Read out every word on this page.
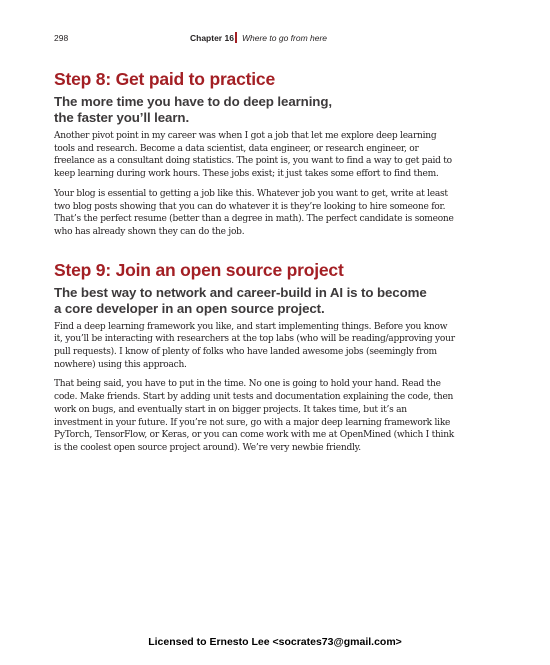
298	Chapter 16 Where to go from here
Step 8: Get paid to practice
The more time you have to do deep learning,
the faster you’ll learn.

Another pivot point in my career was when I got a job that let me explore deep learning tools and research. Become a data scientist, data engineer, or research engineer, or freelance as a consultant doing statistics. The point is, you want to find a way to get paid to keep learning during work hours. These jobs exist; it just takes some effort to find them.

Your blog is essential to getting a job like this. Whatever job you want to get, write at least two blog posts showing that you can do whatever it is they’re looking to hire someone for. That’s the perfect resume (better than a degree in math). The perfect candidate is someone who has already shown they can do the job.

Step 9: Join an open source project
The best way to network and career-build in AI is to become
a core developer in an open source project.

Find a deep learning framework you like, and start implementing things. Before you know it, you’ll be interacting with researchers at the top labs (who will be reading/approving your pull requests). I know of plenty of folks who have landed awesome jobs (seemingly from nowhere) using this approach.

That being said, you have to put in the time. No one is going to hold your hand. Read the code. Make friends. Start by adding unit tests and documentation explaining the code, then work on bugs, and eventually start in on bigger projects. It takes time, but it’s an investment in your future. If you’re not sure, go with a major deep learning framework like PyTorch, TensorFlow, or Keras, or you can come work with me at OpenMined (which I think is the coolest open source project around). We’re very newbie friendly.

Licensed to Ernesto Lee <socrates73@gmail.com>
